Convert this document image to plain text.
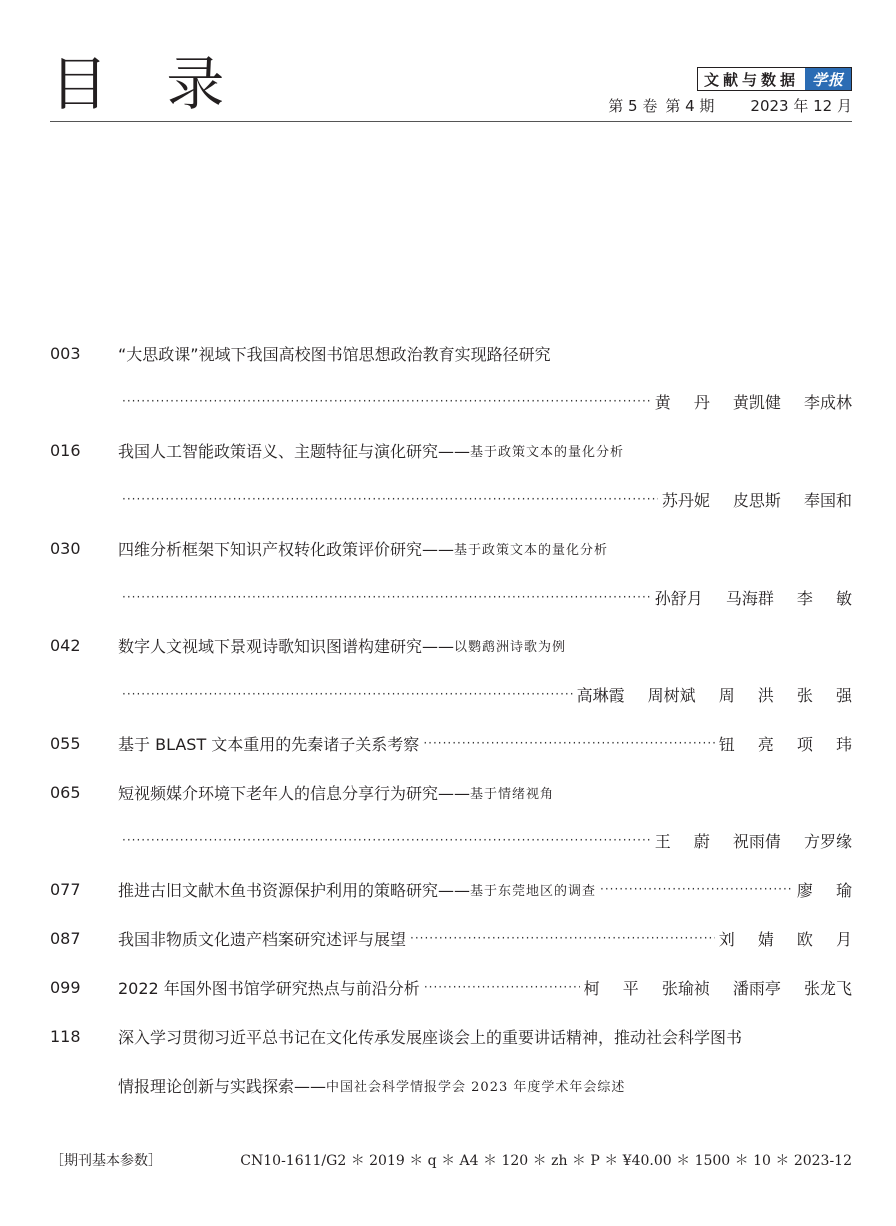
目 录	文献与数据 学报
第 5 卷 第 4 期 2023 年 12 月
003	“大思政课”视域下我国高校图书馆思想政治教育实现路径研究
·····
黄 丹 黄凯健 李成林
016	我国人工智能政策语义、主题特征与演化研究—— 基于政策文本的量化分析
·····
苏丹妮 皮思斯 奉国和
030	四维分析框架下知识产权转化政策评价研究—— 基于政策文本的量化分析
·····
孙舒月 马海群 李 敏
042	数字人文视域下景观诗歌知识图谱构建研究—— 以鹦鹉洲诗歌为例
·····
高琳霞 周树斌 周 洪 张 强
055	基于 BLAST 文本重用的先秦诸子关系考察 ·····	钮 亮 项 玮
065	短视频媒介环境下老年人的信息分享行为研究—— 基于情绪视角
·····
王 蔚 祝雨倩 方罗缘
077	推进古旧文献木鱼书资源保护利用的策略研究—— 基于东莞地区的调查 ·····	廖 瑜
087	我国非物质文化遗产档案研究述评与展望 ·····	刘 婧 欧 月
099	2022 年国外图书馆学研究热点与前沿分析 ·····	柯 平 张瑜祯 潘雨亭 张龙飞
118	深入学习贯彻习近平总书记在文化传承发展座谈会上的重要讲话精神，推动社会科学图书
情报理论创新与实践探索—— 中国社会科学情报学会 2023 年度学术年会综述
［期刊基本参数］	CN10-1611/G2 ＊ 2019 ＊ q ＊ A4 ＊ 120 ＊ zh ＊ P ＊ ¥40.00 ＊ 1500 ＊ 10 ＊ 2023-12
